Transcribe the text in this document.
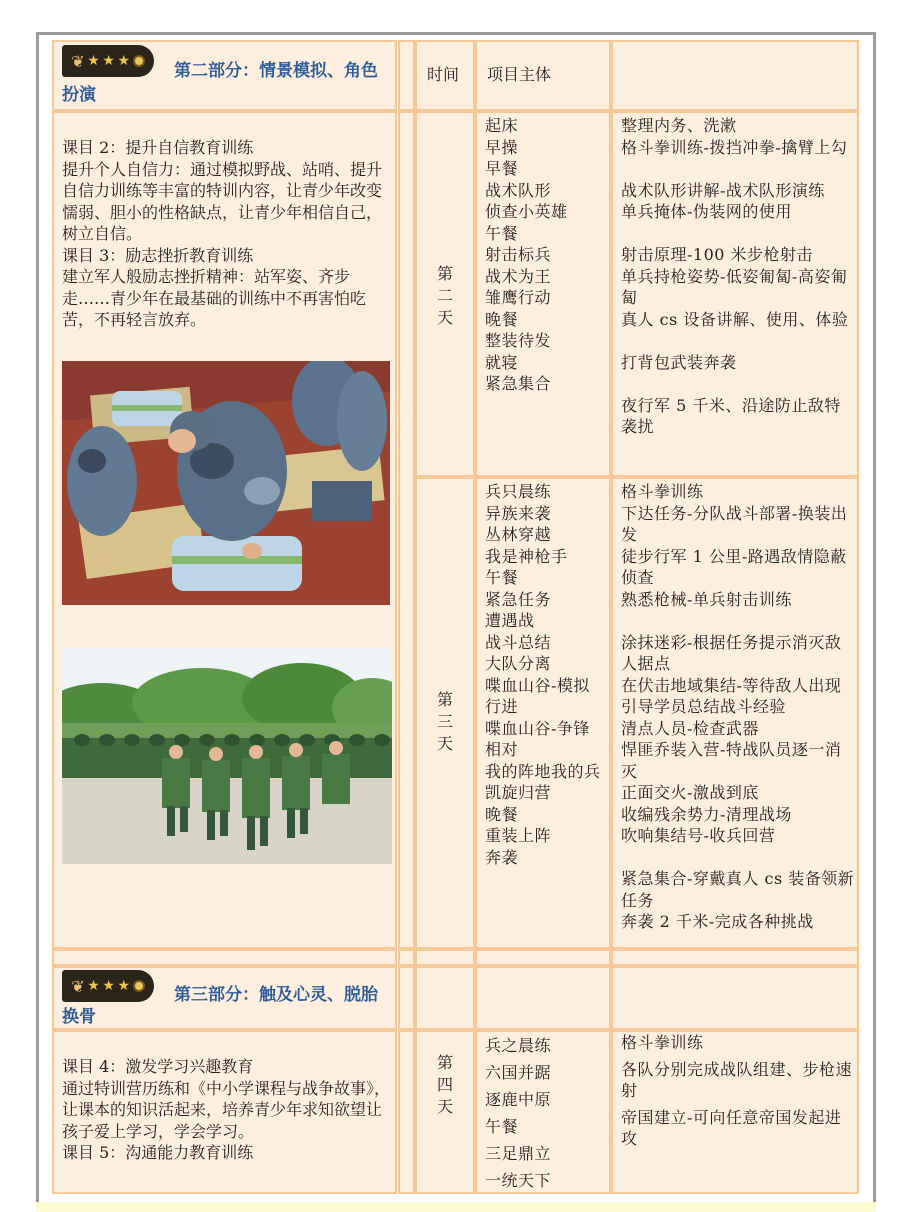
❦ ★ ★ ★	第二部分：情景模拟、角色
扮演
时间 项目主体
课目 2：提升自信教育训练
提升个人自信力：通过模拟野战、站哨、提升自信力训练等丰富的特训内容，让青少年改变懦弱、胆小的性格缺点，让青少年相信自己，树立自信。
课目 3：励志挫折教育训练
建立军人般励志挫折精神：站军姿、齐步走……青少年在最基础的训练中不再害怕吃苦，不再轻言放弃。
第
二
天
起床
早操
早餐
战术队形
侦查小英雄
午餐
射击标兵
战术为王
雏鹰行动
晚餐
整装待发
就寝
紧急集合
整理内务、洗漱
格斗拳训练-拨挡冲拳-擒臂上勾
战术队形讲解-战术队形演练
单兵掩体-伪装网的使用
射击原理-100 米步枪射击
单兵持枪姿势-低姿匍匐-高姿匍匐
真人 cs 设备讲解、使用、体验
打背包武装奔袭
夜行军 5 千米、沿途防止敌特袭扰
第
三
天
兵只晨练
异族来袭
丛林穿越
我是神枪手
午餐
紧急任务
遭遇战
战斗总结
大队分离
喋血山谷-模拟行进
喋血山谷-争锋相对
我的阵地我的兵
凯旋归营
晚餐
重装上阵
奔袭
格斗拳训练
下达任务-分队战斗部署-换装出发
徒步行军 1 公里-路遇敌情隐蔽侦查
熟悉枪械-单兵射击训练
涂抹迷彩-根据任务提示消灭敌人据点
在伏击地域集结-等待敌人出现
引导学员总结战斗经验
清点人员-检查武器
悍匪乔装入营-特战队员逐一消灭
正面交火-激战到底
收编残余势力-清理战场
吹响集结号-收兵回营
紧急集合-穿戴真人 cs 装备领新任务
奔袭 2 千米-完成各种挑战
❦ ★ ★ ★	第三部分：触及心灵、脱胎
换骨
课目 4：激发学习兴趣教育
通过特训营历练和《中小学课程与战争故事》，让课本的知识活起来，培养青少年求知欲望让孩子爱上学习，学会学习。
课目 5：沟通能力教育训练
第
四
天
兵之晨练
六国并踞
逐鹿中原
午餐
三足鼎立
一统天下
格斗拳训练
各队分别完成战队组建、步枪速射
帝国建立-可向任意帝国发起进攻
